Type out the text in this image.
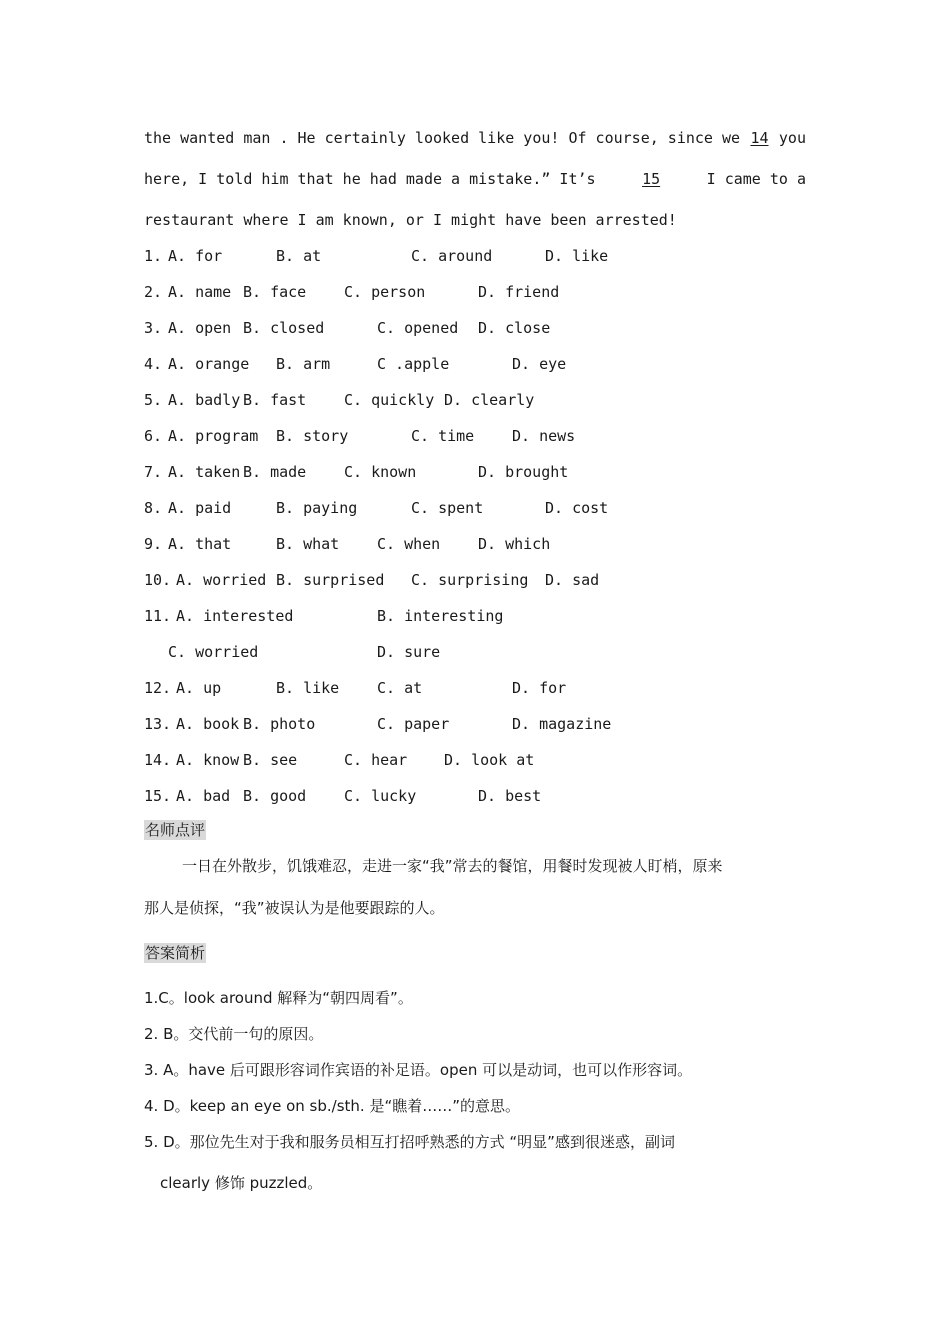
the wanted man . He certainly looked like you! Of course, since we 14 you
here, I told him that he had made a mistake.” It’s	15	I came to a
restaurant where I am known, or I might have been arrested!
1. A. for	B. at	C. around	D. like
2. A. name B. face	C. person	D. friend
3. A. open B. closed	C. opened D. close
4. A. orange B. arm	C .apple	D. eye
5. A. badly B. fast	C. quickly D. clearly
6. A. program B. story	C. time	D. news
7. A. taken B. made	C. known	D. brought
8. A. paid	B. paying	C. spent	D. cost
9. A. that	B. what	C. when	D. which
10. A. worried B. surprised C. surprising D. sad
11. A. interested	B. interesting
C. worried	D. sure
12. A. up	B. like	C. at	D. for
13. A. book B. photo	C. paper	D. magazine
14. A. know B. see	C. hear D. look at
15. A. bad B. good	C. lucky	D. best
名师点评
一日在外散步，饥饿难忍，走进一家“我”常去的餐馆，用餐时发现被人盯梢，原来
那人是侦探，“我”被误认为是他要跟踪的人。
答案简析
1.C。look around 解释为“朝四周看”。
2. B。交代前一句的原因。
3. A。have 后可跟形容词作宾语的补足语。open 可以是动词，也可以作形容词。
4. D。keep an eye on sb./sth. 是“瞧着……”的意思。
5. D。那位先生对于我和服务员相互打招呼熟悉的方式 “明显”感到很迷惑，副词
clearly 修饰 puzzled。
